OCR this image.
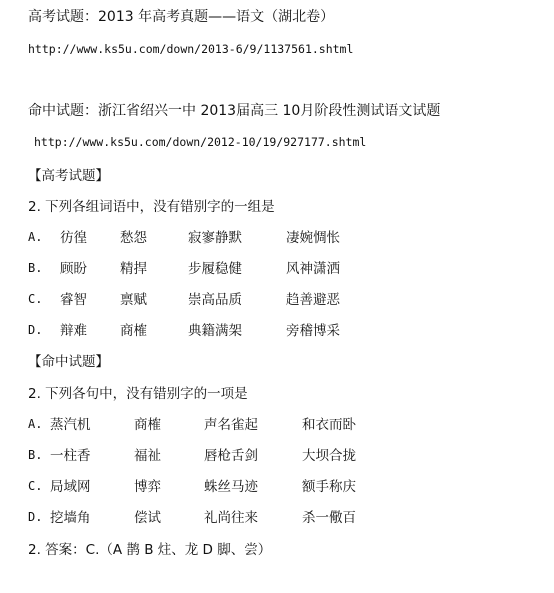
高考试题：2013 年高考真题——语文（湖北卷）
http://www.ks5u.com/down/2013-6/9/1137561.shtml
命中试题：浙江省绍兴一中 2013届高三 10月阶段性测试语文试题
http://www.ks5u.com/down/2012-10/19/927177.shtml
【高考试题】
2. 下列各组词语中，没有错别字的一组是
A.	彷徨 愁怨	寂寥静默	凄婉惆怅
B.	顾盼 精捍	步履稳健	风神潇洒
C.	睿智 禀赋	崇高品质	趋善避恶
D.	辩难 商榷	典籍满架	旁稽博采
【命中试题】
2. 下列各句中，没有错别字的一项是
A. 蒸汽机	商榷	声名雀起	和衣而卧
B. 一柱香	福祉	唇枪舌剑	大坝合拢
C. 局域网	博弈	蛛丝马迹	额手称庆
D. 挖墙角	偿试	礼尚往来	杀一儆百
2. 答案：C.（A 鹊 B 炷、龙 D 脚、尝）
